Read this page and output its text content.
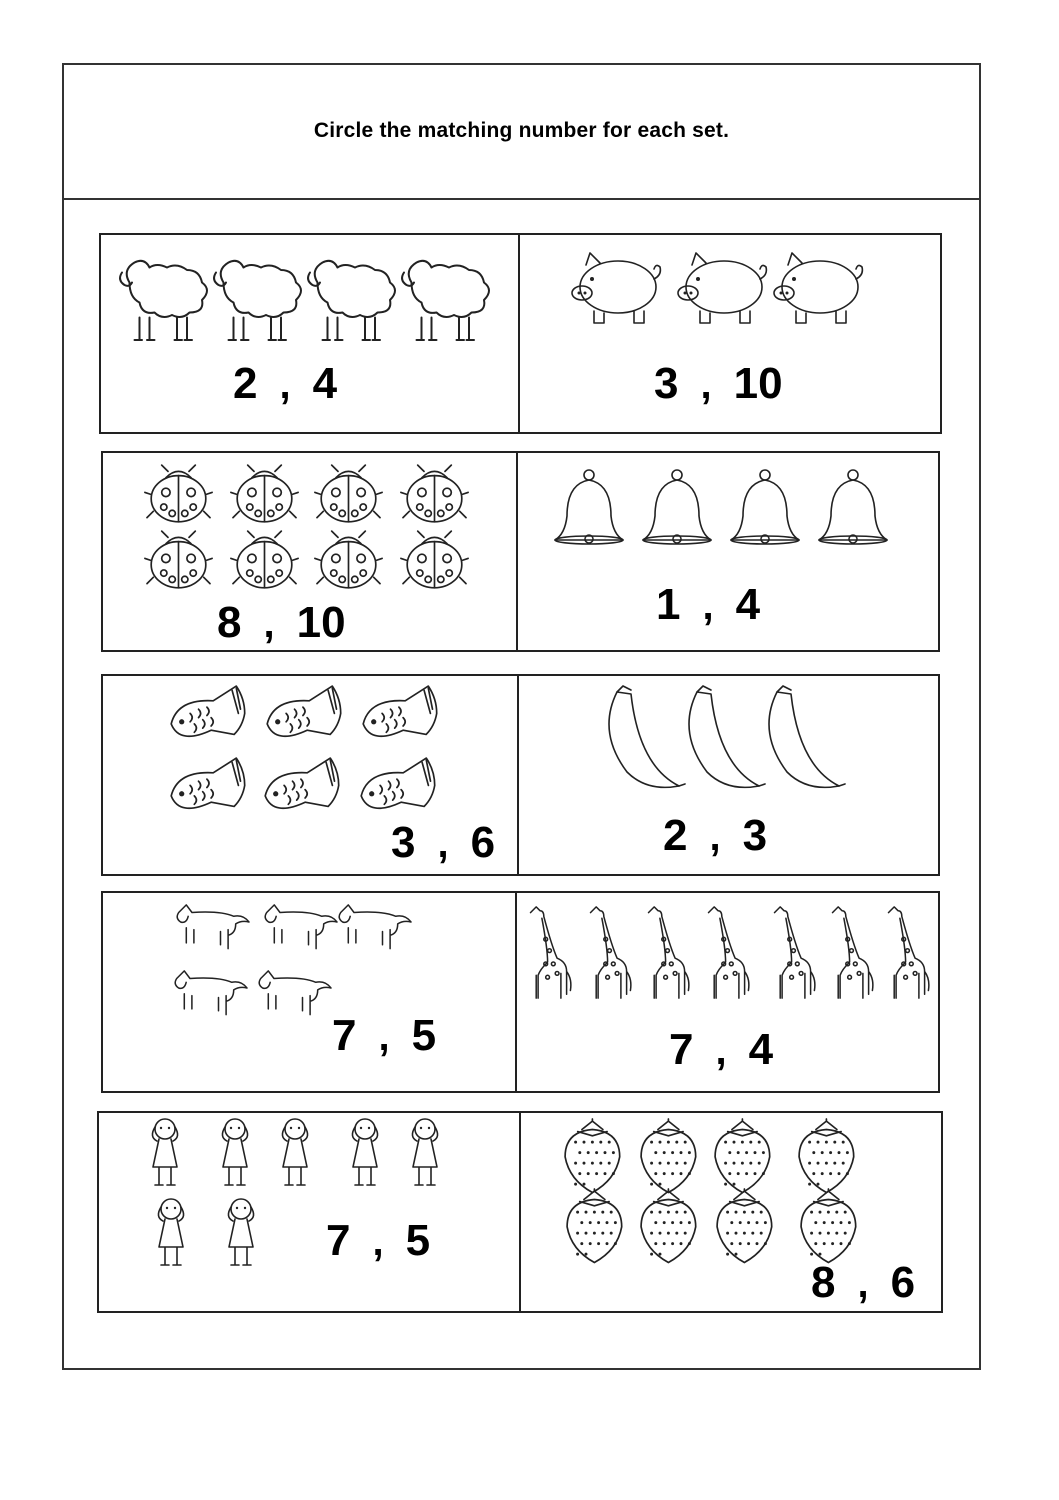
Circle the matching number for each set.
2 , 4	3 , 10
8 , 10	1 , 4
3 , 6	2 , 3
7 , 5	7 , 4
7 , 5
8 , 6
